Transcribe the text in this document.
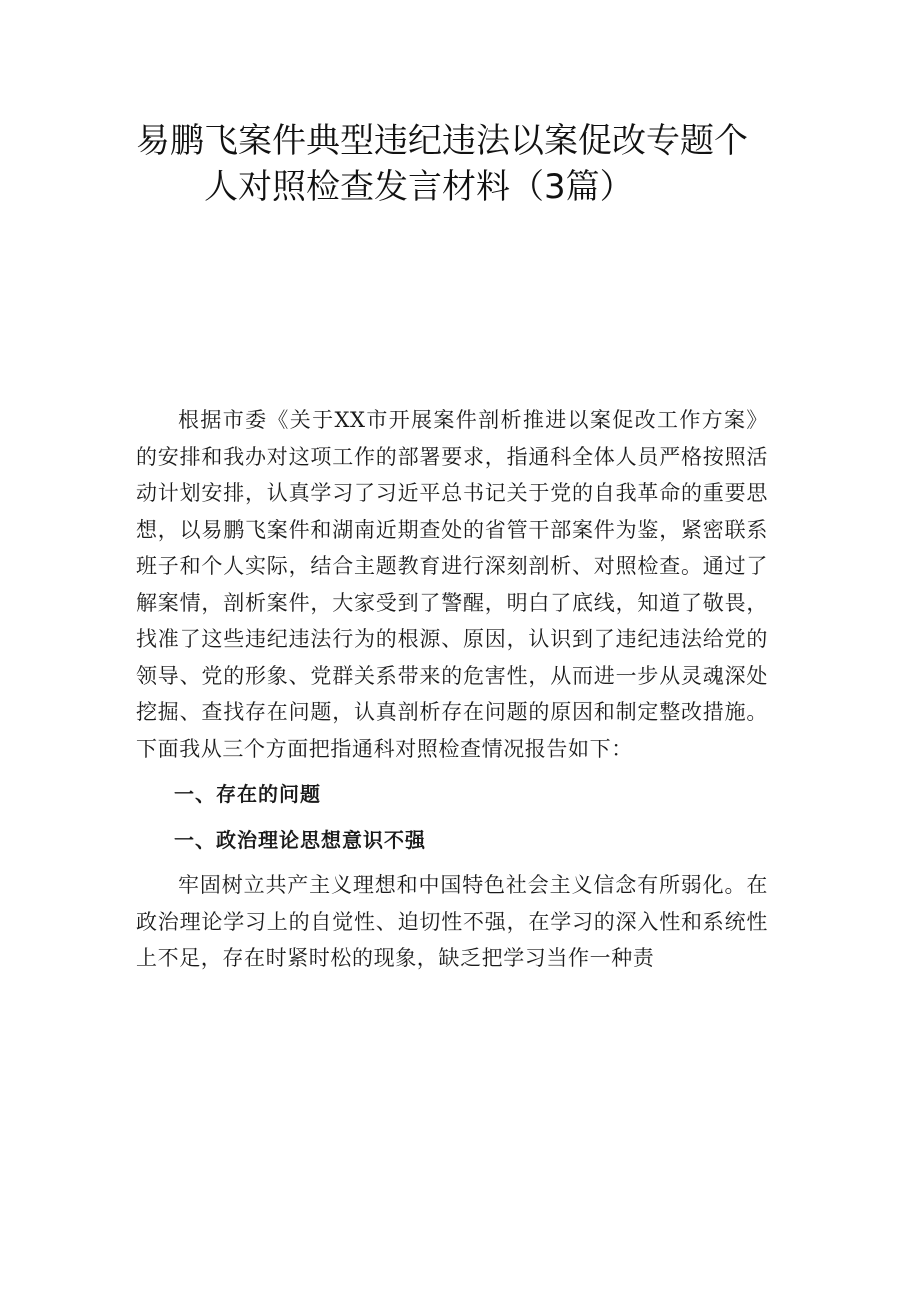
易鹏飞案件典型违纪违法以案促改专题个
人对照检查发言材料（3篇）

根据市委《关于XX市开展案件剖析推进以案促改工作方案》的安排和我办对这项工作的部署要求，指通科全体人员严格按照活动计划安排，认真学习了习近平总书记关于党的自我革命的重要思想，以易鹏飞案件和湖南近期查处的省管干部案件为鉴，紧密联系班子和个人实际，结合主题教育进行深刻剖析、对照检查。通过了解案情，剖析案件，大家受到了警醒，明白了底线，知道了敬畏，找准了这些违纪违法行为的根源、原因，认识到了违纪违法给党的领导、党的形象、党群关系带来的危害性，从而进一步从灵魂深处挖掘、查找存在问题，认真剖析存在问题的原因和制定整改措施。下面我从三个方面把指通科对照检查情况报告如下：

一、存在的问题

一、政治理论思想意识不强

牢固树立共产主义理想和中国特色社会主义信念有所弱化。在政治理论学习上的自觉性、迫切性不强，在学习的深入性和系统性上不足，存在时紧时松的现象，缺乏把学习当作一种责
